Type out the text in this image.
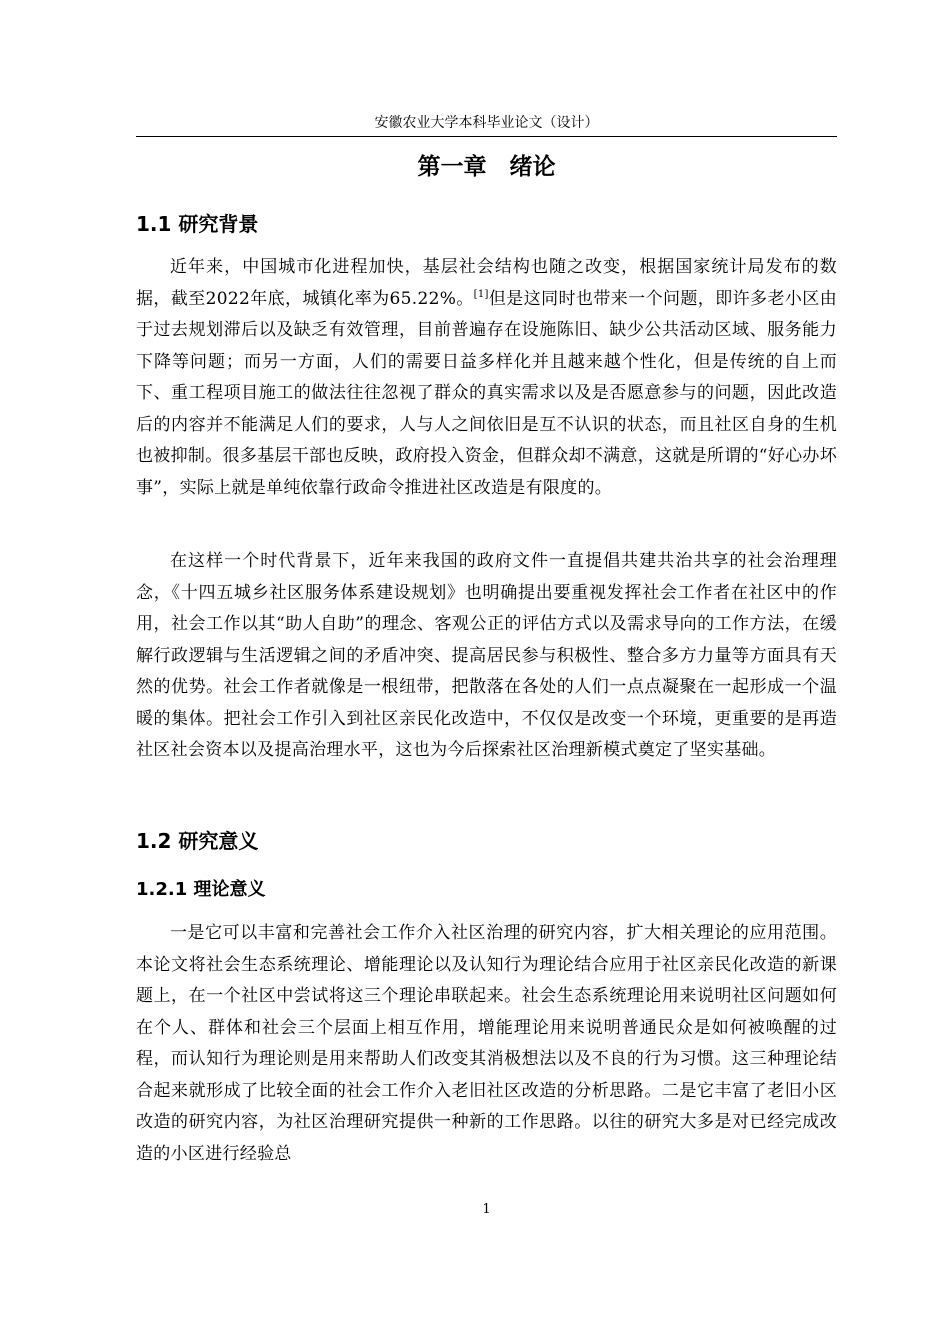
安徽农业大学本科毕业论文（设计）
第一章　绪论
1.1 研究背景

近年来，中国城市化进程加快，基层社会结构也随之改变，根据国家统计局发布的数据，截至2022年底，城镇化率为65.22%。[1]但是这同时也带来一个问题，即许多老小区由于过去规划滞后以及缺乏有效管理，目前普遍存在设施陈旧、缺少公共活动区域、服务能力下降等问题；而另一方面，人们的需要日益多样化并且越来越个性化，但是传统的自上而下、重工程项目施工的做法往往忽视了群众的真实需求以及是否愿意参与的问题，因此改造后的内容并不能满足人们的要求，人与人之间依旧是互不认识的状态，而且社区自身的生机也被抑制。很多基层干部也反映，政府投入资金，但群众却不满意，这就是所谓的“好心办坏事”，实际上就是单纯依靠行政命令推进社区改造是有限度的。

在这样一个时代背景下，近年来我国的政府文件一直提倡共建共治共享的社会治理理念，《十四五城乡社区服务体系建设规划》也明确提出要重视发挥社会工作者在社区中的作用，社会工作以其“助人自助”的理念、客观公正的评估方式以及需求导向的工作方法，在缓解行政逻辑与生活逻辑之间的矛盾冲突、提高居民参与积极性、整合多方力量等方面具有天然的优势。社会工作者就像是一根纽带，把散落在各处的人们一点点凝聚在一起形成一个温暖的集体。把社会工作引入到社区亲民化改造中，不仅仅是改变一个环境，更重要的是再造社区社会资本以及提高治理水平，这也为今后探索社区治理新模式奠定了坚实基础。

1.2 研究意义
1.2.1 理论意义

一是它可以丰富和完善社会工作介入社区治理的研究内容，扩大相关理论的应用范围。本论文将社会生态系统理论、增能理论以及认知行为理论结合应用于社区亲民化改造的新课题上，在一个社区中尝试将这三个理论串联起来。社会生态系统理论用来说明社区问题如何在个人、群体和社会三个层面上相互作用，增能理论用来说明普通民众是如何被唤醒的过程，而认知行为理论则是用来帮助人们改变其消极想法以及不良的行为习惯。这三种理论结合起来就形成了比较全面的社会工作介入老旧社区改造的分析思路。二是它丰富了老旧小区改造的研究内容，为社区治理研究提供一种新的工作思路。以往的研究大多是对已经完成改造的小区进行经验总

1
